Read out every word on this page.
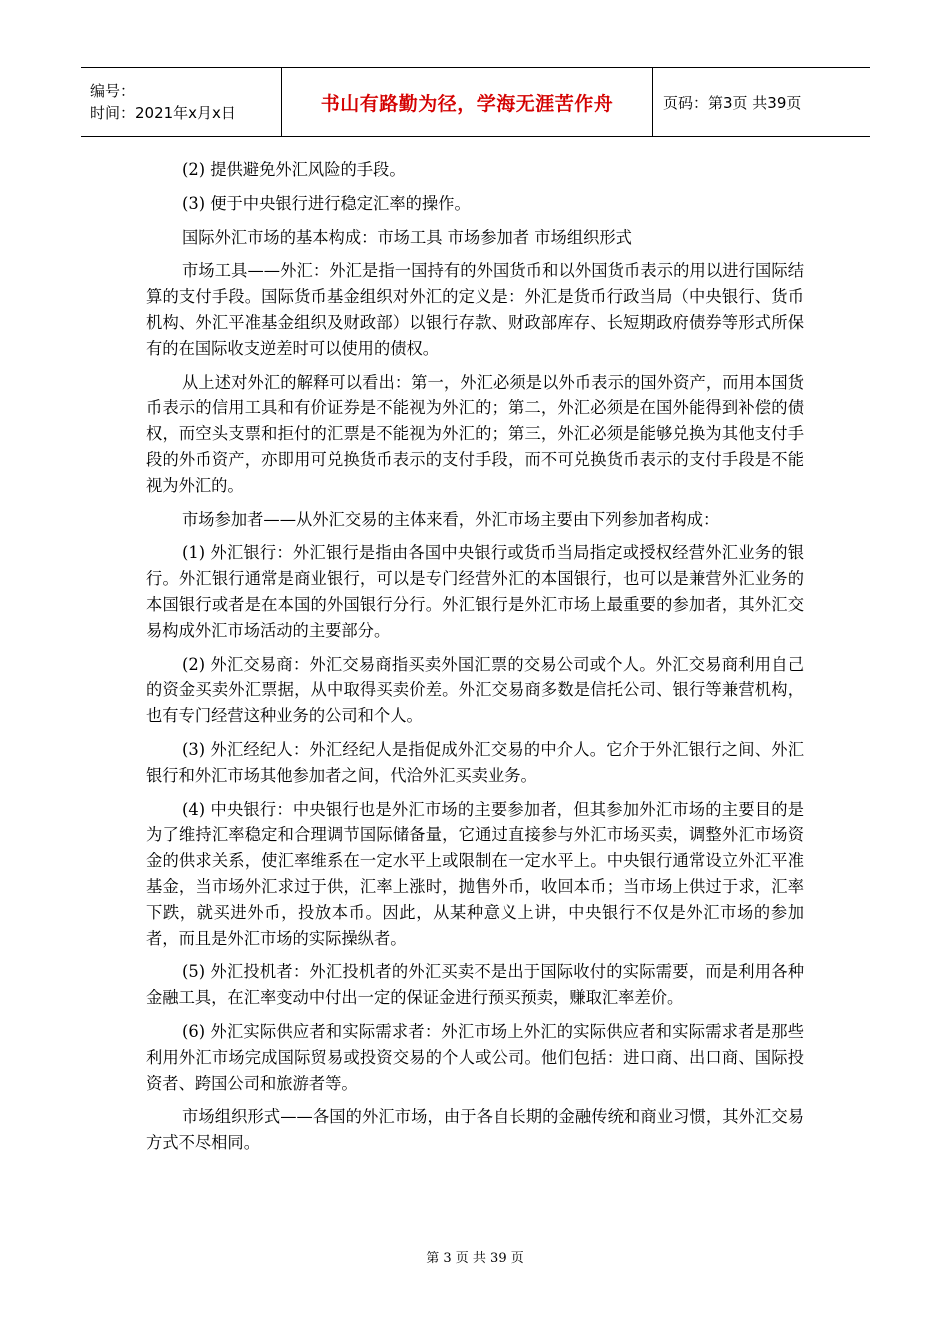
编号：
时间：2021年x月x日	书山有路勤为径，学海无涯苦作舟	页码：第3页 共39页

(2) 提供避免外汇风险的手段。

(3) 便于中央银行进行稳定汇率的操作。

国际外汇市场的基本构成：市场工具 市场参加者 市场组织形式

市场工具——外汇：外汇是指一国持有的外国货币和以外国货币表示的用以进行国际结算的支付手段。国际货币基金组织对外汇的定义是：外汇是货币行政当局（中央银行、货币机构、外汇平准基金组织及财政部）以银行存款、财政部库存、长短期政府债券等形式所保有的在国际收支逆差时可以使用的债权。

从上述对外汇的解释可以看出：第一，外汇必须是以外币表示的国外资产，而用本国货币表示的信用工具和有价证券是不能视为外汇的；第二，外汇必须是在国外能得到补偿的债权，而空头支票和拒付的汇票是不能视为外汇的；第三，外汇必须是能够兑换为其他支付手段的外币资产，亦即用可兑换货币表示的支付手段，而不可兑换货币表示的支付手段是不能视为外汇的。

市场参加者——从外汇交易的主体来看，外汇市场主要由下列参加者构成：

(1) 外汇银行：外汇银行是指由各国中央银行或货币当局指定或授权经营外汇业务的银行。外汇银行通常是商业银行，可以是专门经营外汇的本国银行，也可以是兼营外汇业务的本国银行或者是在本国的外国银行分行。外汇银行是外汇市场上最重要的参加者，其外汇交易构成外汇市场活动的主要部分。

(2) 外汇交易商：外汇交易商指买卖外国汇票的交易公司或个人。外汇交易商利用自己的资金买卖外汇票据，从中取得买卖价差。外汇交易商多数是信托公司、银行等兼营机构，也有专门经营这种业务的公司和个人。

(3) 外汇经纪人：外汇经纪人是指促成外汇交易的中介人。它介于外汇银行之间、外汇银行和外汇市场其他参加者之间，代洽外汇买卖业务。

(4) 中央银行：中央银行也是外汇市场的主要参加者，但其参加外汇市场的主要目的是为了维持汇率稳定和合理调节国际储备量，它通过直接参与外汇市场买卖，调整外汇市场资金的供求关系，使汇率维系在一定水平上或限制在一定水平上。中央银行通常设立外汇平准基金，当市场外汇求过于供，汇率上涨时，抛售外币，收回本币；当市场上供过于求，汇率下跌，就买进外币，投放本币。因此，从某种意义上讲，中央银行不仅是外汇市场的参加者，而且是外汇市场的实际操纵者。

(5) 外汇投机者：外汇投机者的外汇买卖不是出于国际收付的实际需要，而是利用各种金融工具，在汇率变动中付出一定的保证金进行预买预卖，赚取汇率差价。

(6) 外汇实际供应者和实际需求者：外汇市场上外汇的实际供应者和实际需求者是那些利用外汇市场完成国际贸易或投资交易的个人或公司。他们包括：进口商、出口商、国际投资者、跨国公司和旅游者等。

市场组织形式——各国的外汇市场，由于各自长期的金融传统和商业习惯，其外汇交易方式不尽相同。

第 3 页 共 39 页
